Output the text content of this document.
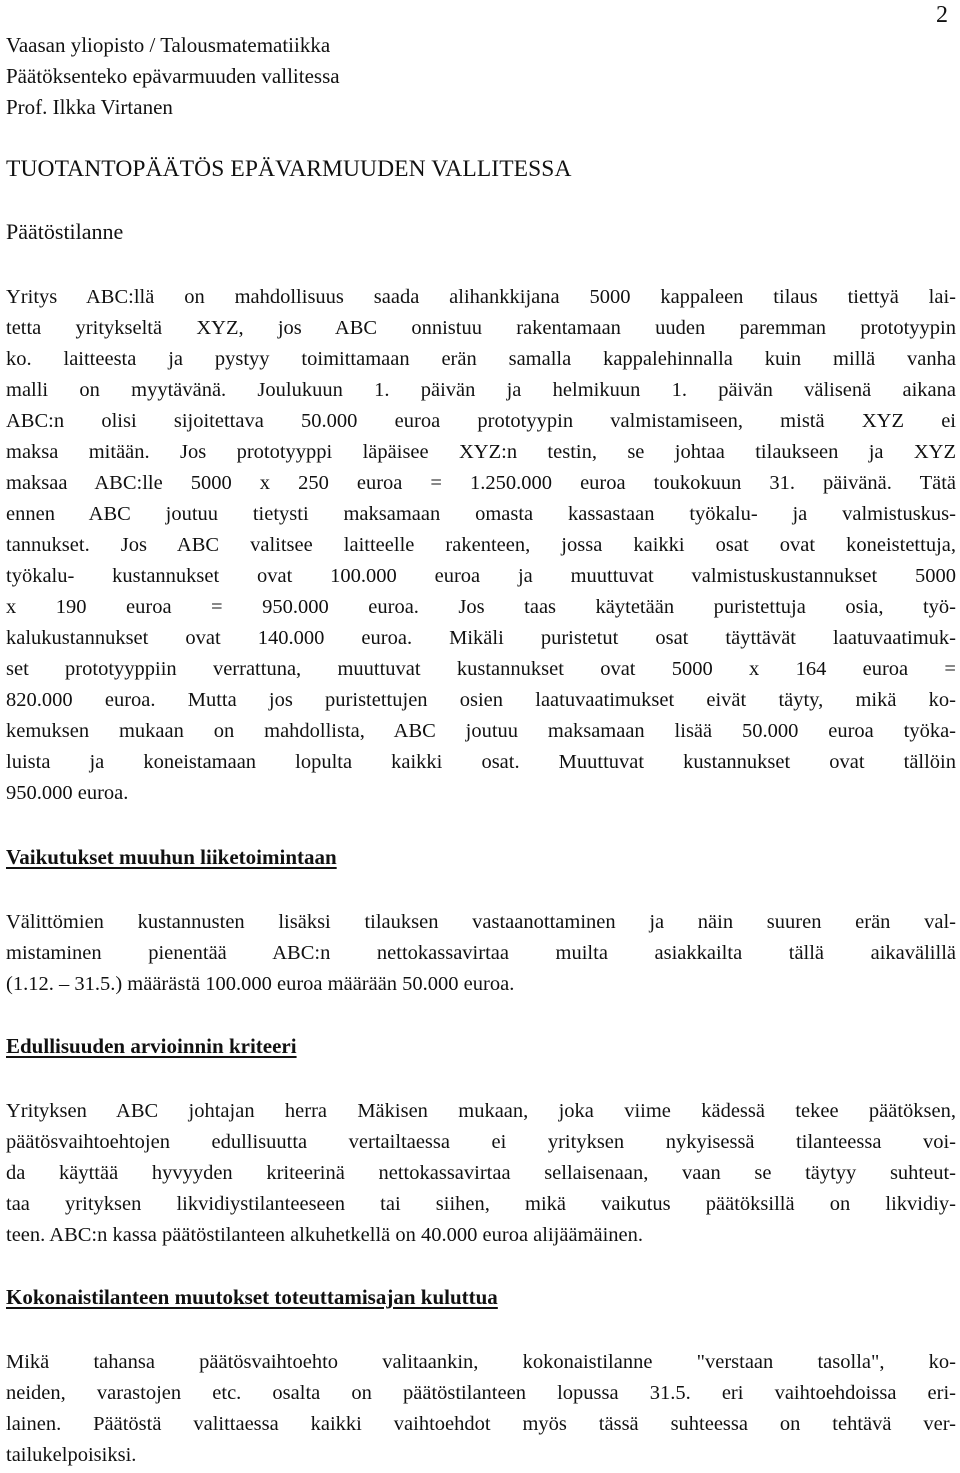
2
Vaasan yliopisto / Talousmatematiikka
Päätöksenteko epävarmuuden vallitessa
Prof. Ilkka Virtanen
TUOTANTOPÄÄTÖS EPÄVARMUUDEN VALLITESSA
Päätöstilanne
Yritys ABC:llä on mahdollisuus saada alihankkijana 5000 kappaleen tilaus tiettyä lai-
tetta yritykseltä XYZ, jos ABC onnistuu rakentamaan uuden paremman prototyypin
ko. laitteesta ja pystyy toimittamaan erän samalla kappalehinnalla kuin millä vanha
malli on myytävänä. Joulukuun 1. päivän ja helmikuun 1. päivän välisenä aikana
ABC:n olisi sijoitettava 50.000 euroa prototyypin valmistamiseen, mistä XYZ ei
maksa mitään. Jos prototyyppi läpäisee XYZ:n testin, se johtaa tilaukseen ja XYZ
maksaa ABC:lle 5000 x 250 euroa = 1.250.000 euroa toukokuun 31. päivänä. Tätä
ennen ABC joutuu tietysti maksamaan omasta kassastaan työkalu- ja valmistuskus-
tannukset. Jos ABC valitsee laitteelle rakenteen, jossa kaikki osat ovat koneistettuja,
työkalu- kustannukset ovat 100.000 euroa ja muuttuvat valmistuskustannukset 5000
x 190 euroa = 950.000 euroa. Jos taas käytetään puristettuja osia, työ-
kalukustannukset ovat 140.000 euroa. Mikäli puristetut osat täyttävät laatuvaatimuk-
set prototyyppiin verrattuna, muuttuvat kustannukset ovat 5000 x 164 euroa =
820.000 euroa. Mutta jos puristettujen osien laatuvaatimukset eivät täyty, mikä ko-
kemuksen mukaan on mahdollista, ABC joutuu maksamaan lisää 50.000 euroa työka-
luista ja koneistamaan lopulta kaikki osat. Muuttuvat kustannukset ovat tällöin
950.000 euroa.
Vaikutukset muuhun liiketoimintaan
Välittömien kustannusten lisäksi tilauksen vastaanottaminen ja näin suuren erän val-
mistaminen pienentää ABC:n nettokassavirtaa muilta asiakkailta tällä aikavälillä
(1.12. – 31.5.) määrästä 100.000 euroa määrään 50.000 euroa.
Edullisuuden arvioinnin kriteeri
Yrityksen ABC johtajan herra Mäkisen mukaan, joka viime kädessä tekee päätöksen,
päätösvaihtoehtojen edullisuutta vertailtaessa ei yrityksen nykyisessä tilanteessa voi-
da käyttää hyvyyden kriteerinä nettokassavirtaa sellaisenaan, vaan se täytyy suhteut-
taa yrityksen likvidiystilanteeseen tai siihen, mikä vaikutus päätöksillä on likvidiy-
teen. ABC:n kassa päätöstilanteen alkuhetkellä on 40.000 euroa alijäämäinen.
Kokonaistilanteen muutokset toteuttamisajan kuluttua
Mikä tahansa päätösvaihtoehto valitaankin, kokonaistilanne "verstaan tasolla", ko-
neiden, varastojen etc. osalta on päätöstilanteen lopussa 31.5. eri vaihtoehdoissa eri-
lainen. Päätöstä valittaessa kaikki vaihtoehdot myös tässä suhteessa on tehtävä ver-
tailukelpoisiksi.
